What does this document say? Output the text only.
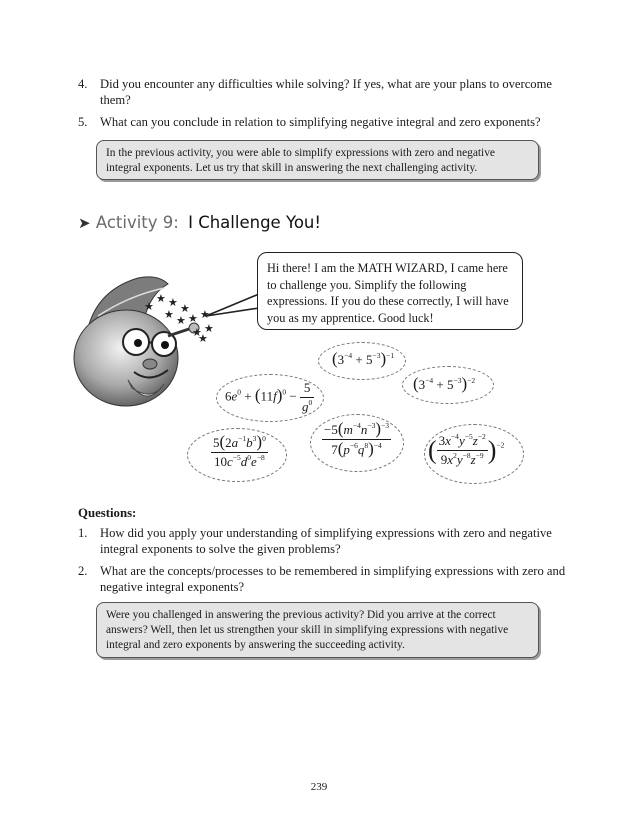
4. Did you encounter any difficulties while solving? If yes, what are your plans to overcome them?
5. What can you conclude in relation to simplifying negative integral and zero exponents?
In the previous activity, you were able to simplify expressions with zero and negative integral exponents. Let us try that skill in answering the next challenging activity.
➤ Activity 9: I Challenge You!
★
★ ★ ★
★ ★
★ ★
★
★
★
Hi there! I am the MATH WIZARD, I came here to challenge you. Simplify the following expressions. If you do these correctly, I will have you as my apprentice. Good luck!
$(3^{-4} + 5^{-3})^{-1}$
$(3^{-4} + 5^{-3})^{-2}$
$6e^0 + (11f)^0 - \frac{5}{g^0}$
$\frac{5(2a^{-1}b^3)^0}{10c^{-5}d^0e^{-8}}$	$\frac{-5(m^{-4}n^{-3})^{-3}}{7(p^{-6}q^8)^{-4}}$ ( $\frac{3x^{-4}y^{-5}z^{-2}}{9x^2y^{-8}z^{-9}} )^{-2}$
Questions:
1. How did you apply your understanding of simplifying expressions with zero and negative integral exponents to solve the given problems?
2. What are the concepts/processes to be remembered in simplifying expressions with zero and negative integral exponents?
Were you challenged in answering the previous activity? Did you arrive at the correct answers? Well, then let us strengthen your skill in simplifying expressions with negative integral and zero exponents by answering the succeeding activity.
239
